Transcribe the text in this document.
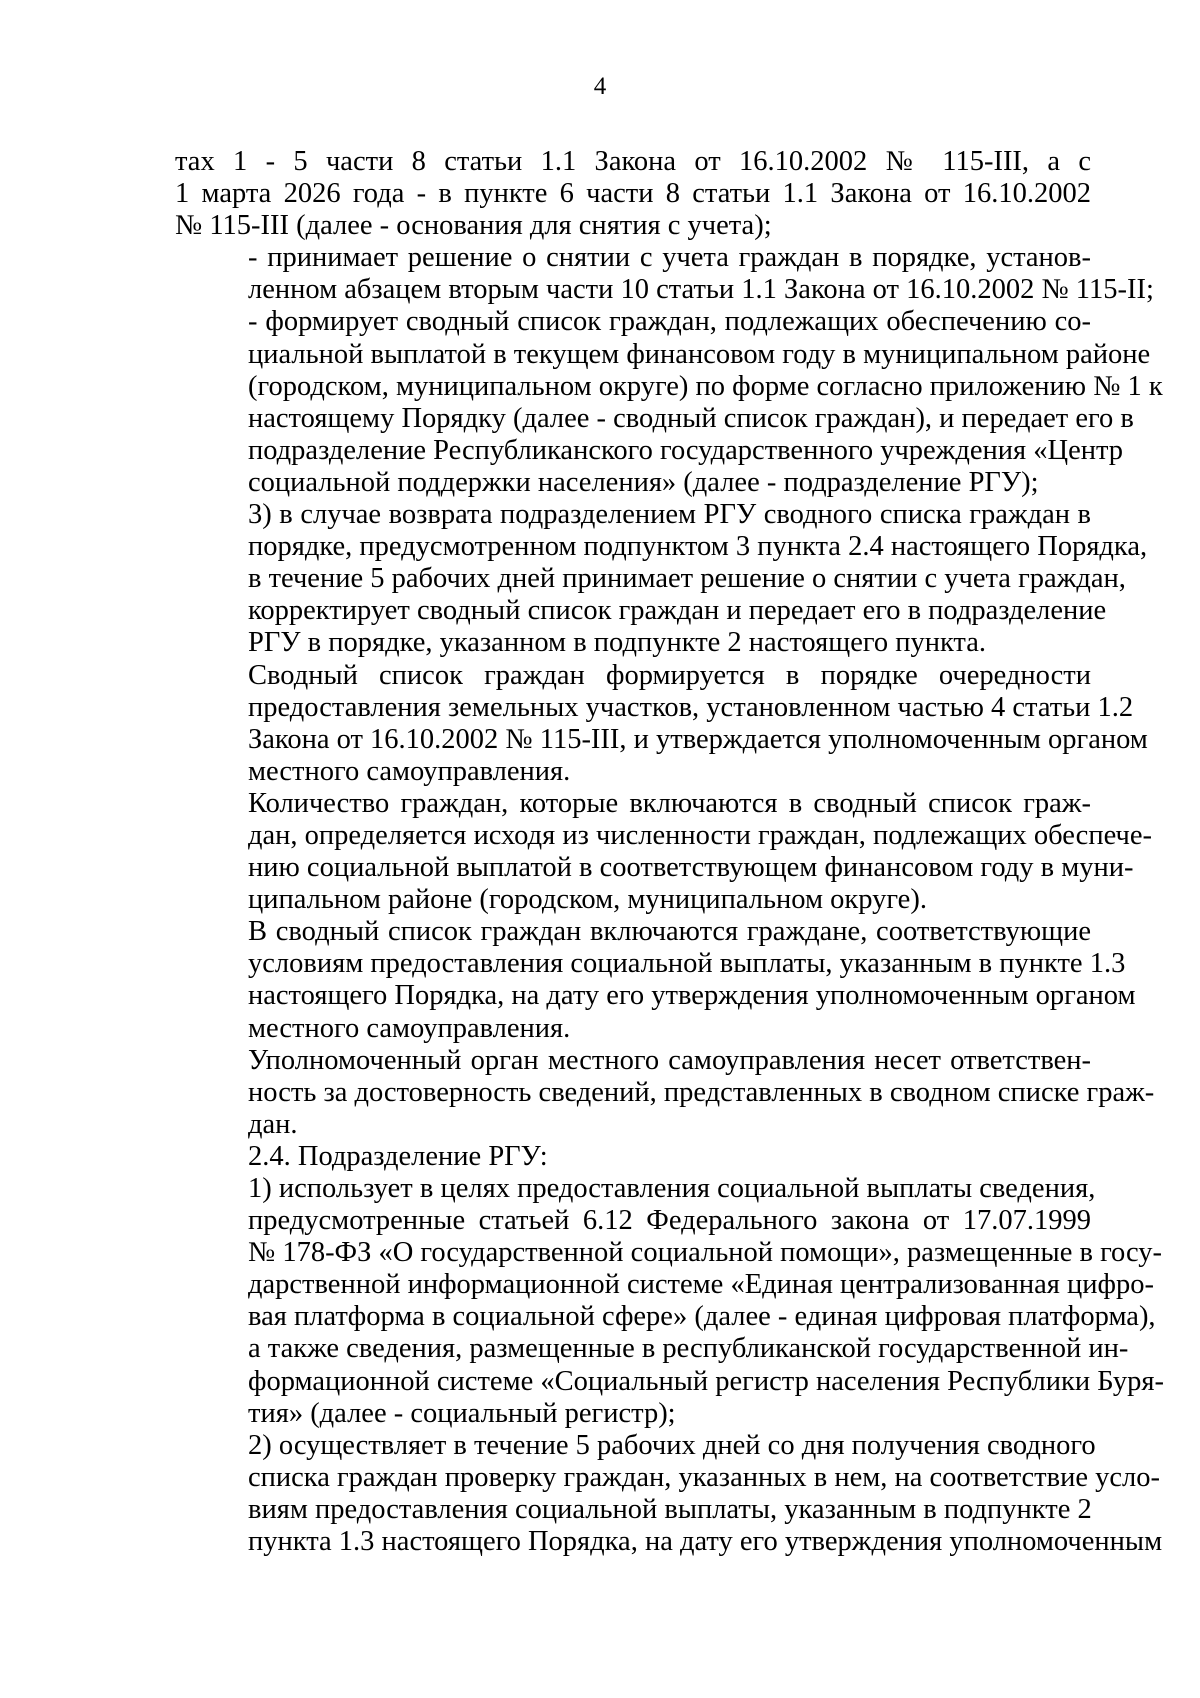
4
тах 1 - 5 части 8 статьи 1.1 Закона от 16.10.2002 № 115-III, а с
1 марта 2026 года - в пункте 6 части 8 статьи 1.1 Закона от 16.10.2002
№ 115-III (далее - основания для снятия с учета);
- принимает решение о снятии с учета граждан в порядке, установ-
ленном абзацем вторым части 10 статьи 1.1 Закона от 16.10.2002 № 115-II;
- формирует сводный список граждан, подлежащих обеспечению со-
циальной выплатой в текущем финансовом году в муниципальном районе
(городском, муниципальном округе) по форме согласно приложению № 1 к
настоящему Порядку (далее - сводный список граждан), и передает его в
подразделение Республиканского государственного учреждения «Центр
социальной поддержки населения» (далее - подразделение РГУ);
3) в случае возврата подразделением РГУ сводного списка граждан в
порядке, предусмотренном подпунктом 3 пункта 2.4 настоящего Порядка,
в течение 5 рабочих дней принимает решение о снятии с учета граждан,
корректирует сводный список граждан и передает его в подразделение
РГУ в порядке, указанном в подпункте 2 настоящего пункта.
Сводный список граждан формируется в порядке очередности
предоставления земельных участков, установленном частью 4 статьи 1.2
Закона от 16.10.2002 № 115-III, и утверждается уполномоченным органом
местного самоуправления.
Количество граждан, которые включаются в сводный список граж-
дан, определяется исходя из численности граждан, подлежащих обеспече-
нию социальной выплатой в соответствующем финансовом году в муни-
ципальном районе (городском, муниципальном округе).
В сводный список граждан включаются граждане, соответствующие
условиям предоставления социальной выплаты, указанным в пункте 1.3
настоящего Порядка, на дату его утверждения уполномоченным органом
местного самоуправления.
Уполномоченный орган местного самоуправления несет ответствен-
ность за достоверность сведений, представленных в сводном списке граж-
дан.
2.4. Подразделение РГУ:
1) использует в целях предоставления социальной выплаты сведения,
предусмотренные статьей 6.12 Федерального закона от 17.07.1999
№ 178-ФЗ «О государственной социальной помощи», размещенные в госу-
дарственной информационной системе «Единая централизованная цифро-
вая платформа в социальной сфере» (далее - единая цифровая платформа),
а также сведения, размещенные в республиканской государственной ин-
формационной системе «Социальный регистр населения Республики Буря-
тия» (далее - социальный регистр);
2) осуществляет в течение 5 рабочих дней со дня получения сводного
списка граждан проверку граждан, указанных в нем, на соответствие усло-
виям предоставления социальной выплаты, указанным в подпункте 2
пункта 1.3 настоящего Порядка, на дату его утверждения уполномоченным
